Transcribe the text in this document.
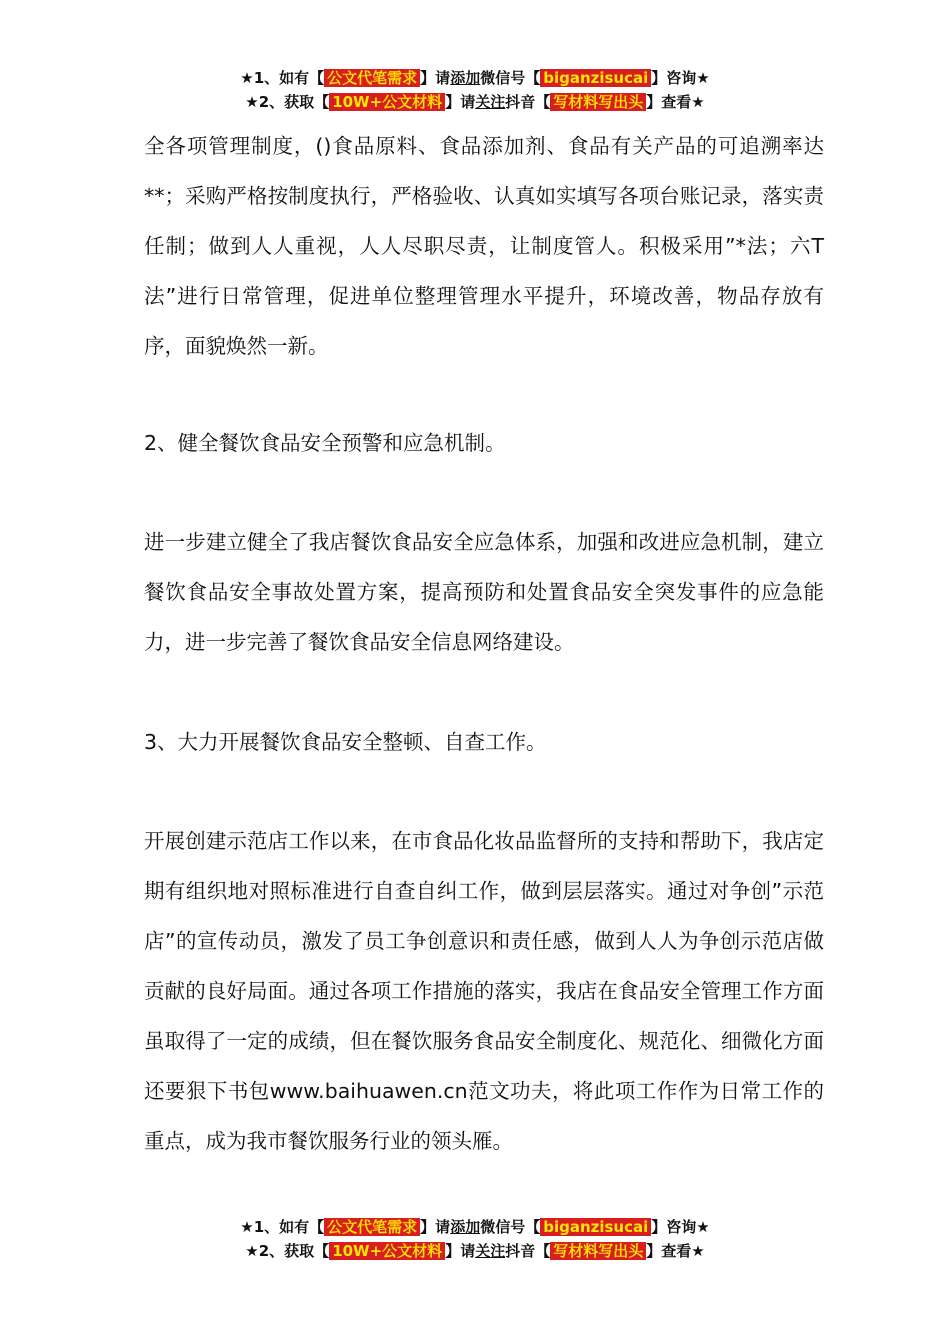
★1、如有【 公文代笔需求 】请添加微信号【 biganzisucai 】咨询★
★2、获取【 10W+公文材料 】请关注抖音【 写材料写出头 】查看★

全各项管理制度，()食品原料、食品添加剂、食品有关产品的可追溯率达**；采购严格按制度执行，严格验收、认真如实填写各项台账记录，落实责任制；做到人人重视，人人尽职尽责，让制度管人。积极采用”*法；六T法”进行日常管理，促进单位整理管理水平提升，环境改善，物品存放有序，面貌焕然一新。

2、健全餐饮食品安全预警和应急机制。

进一步建立健全了我店餐饮食品安全应急体系，加强和改进应急机制，建立餐饮食品安全事故处置方案，提高预防和处置食品安全突发事件的应急能力，进一步完善了餐饮食品安全信息网络建设。

3、大力开展餐饮食品安全整顿、自查工作。

开展创建示范店工作以来，在市食品化妆品监督所的支持和帮助下，我店定期有组织地对照标准进行自查自纠工作，做到层层落实。通过对争创”示范店”的宣传动员，激发了员工争创意识和责任感，做到人人为争创示范店做贡献的良好局面。通过各项工作措施的落实，我店在食品安全管理工作方面虽取得了一定的成绩，但在餐饮服务食品安全制度化、规范化、细微化方面还要狠下书包www.baihuawen.cn范文功夫，将此项工作作为日常工作的重点，成为我市餐饮服务行业的领头雁。

★1、如有【 公文代笔需求 】请添加微信号【 biganzisucai 】咨询★
★2、获取【 10W+公文材料 】请关注抖音【 写材料写出头 】查看★
